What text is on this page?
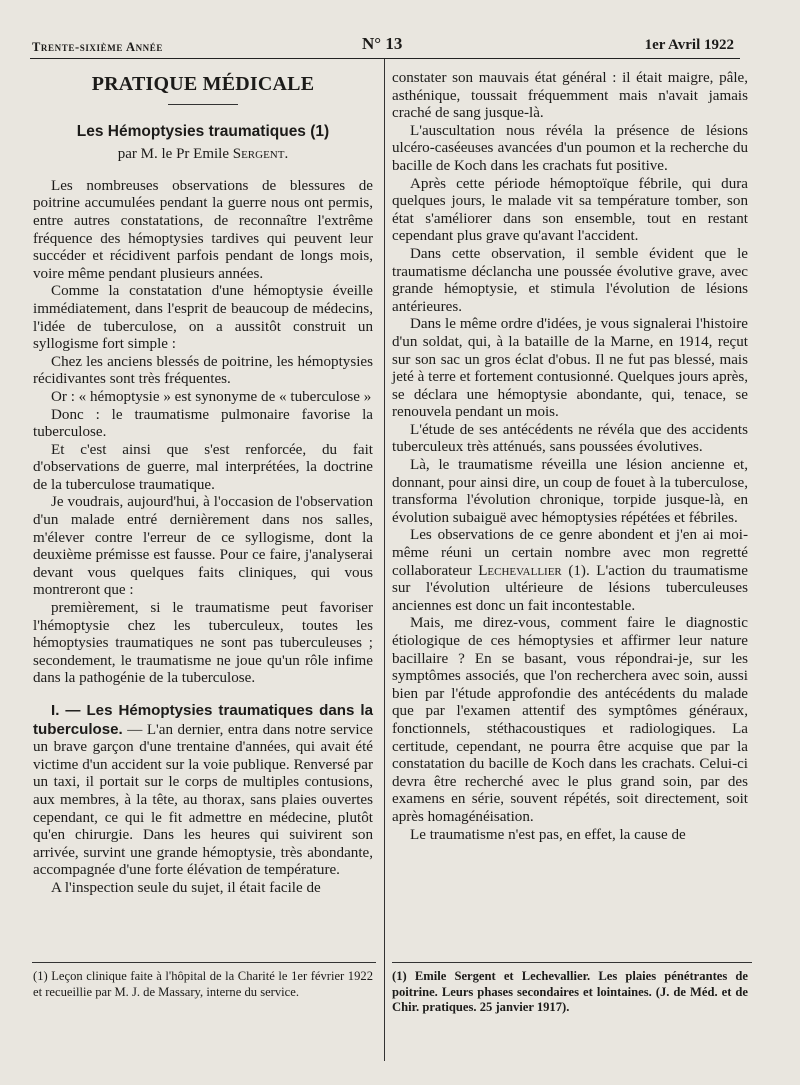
Trente-sixième Année	N° 13	1er Avril 1922
PRATIQUE MÉDICALE
Les Hémoptysies traumatiques (1)
par M. le Pr Emile Sergent.

Les nombreuses observations de blessures de poitrine accumulées pendant la guerre nous ont permis, entre autres constatations, de reconnaître l'extrême fréquence des hémoptysies tardives qui peuvent leur succéder et récidivent parfois pendant de longs mois, voire même pendant plusieurs années.

Comme la constatation d'une hémoptysie éveille immédiatement, dans l'esprit de beaucoup de médecins, l'idée de tuberculose, on a aussitôt construit un syllogisme fort simple :

Chez les anciens blessés de poitrine, les hémoptysies récidivantes sont très fréquentes.

Or : « hémoptysie » est synonyme de « tuberculose »

Donc : le traumatisme pulmonaire favorise la tuberculose.

Et c'est ainsi que s'est renforcée, du fait d'observations de guerre, mal interprétées, la doctrine de la tuberculose traumatique.

Je voudrais, aujourd'hui, à l'occasion de l'observation d'un malade entré dernièrement dans nos salles, m'élever contre l'erreur de ce syllogisme, dont la deuxième prémisse est fausse. Pour ce faire, j'analyserai devant vous quelques faits cliniques, qui vous montreront que :

premièrement, si le traumatisme peut favoriser l'hémoptysie chez les tuberculeux, toutes les hémoptysies traumatiques ne sont pas tuberculeuses ; secondement, le traumatisme ne joue qu'un rôle infime dans la pathogénie de la tuberculose.

I. — Les Hémoptysies traumatiques dans la tuberculose. — L'an dernier, entra dans notre service un brave garçon d'une trentaine d'années, qui avait été victime d'un accident sur la voie publique. Renversé par un taxi, il portait sur le corps de multiples contusions, aux membres, à la tête, au thorax, sans plaies ouvertes cependant, ce qui le fit admettre en médecine, plutôt qu'en chirurgie. Dans les heures qui suivirent son arrivée, survint une grande hémoptysie, très abondante, accompagnée d'une forte élévation de température.

A l'inspection seule du sujet, il était facile de

constater son mauvais état général : il était maigre, pâle, asthénique, toussait fréquemment mais n'avait jamais craché de sang jusque-là.

L'auscultation nous révéla la présence de lésions ulcéro-caséeuses avancées d'un poumon et la recherche du bacille de Koch dans les crachats fut positive.

Après cette période hémoptoïque fébrile, qui dura quelques jours, le malade vit sa température tomber, son état s'améliorer dans son ensemble, tout en restant cependant plus grave qu'avant l'accident.

Dans cette observation, il semble évident que le traumatisme déclancha une poussée évolutive grave, avec grande hémoptysie, et stimula l'évolution de lésions antérieures.

Dans le même ordre d'idées, je vous signalerai l'histoire d'un soldat, qui, à la bataille de la Marne, en 1914, reçut sur son sac un gros éclat d'obus. Il ne fut pas blessé, mais jeté à terre et fortement contusionné. Quelques jours après, se déclara une hémoptysie abondante, qui, tenace, se renouvela pendant un mois.

L'étude de ses antécédents ne révéla que des accidents tuberculeux très atténués, sans poussées évolutives.

Là, le traumatisme réveilla une lésion ancienne et, donnant, pour ainsi dire, un coup de fouet à la tuberculose, transforma l'évolution chronique, torpide jusque-là, en évolution subaiguë avec hémoptysies répétées et fébriles.

Les observations de ce genre abondent et j'en ai moi-même réuni un certain nombre avec mon regretté collaborateur Lechevallier (1). L'action du traumatisme sur l'évolution ultérieure de lésions tuberculeuses anciennes est donc un fait incontestable.

Mais, me direz-vous, comment faire le diagnostic étiologique de ces hémoptysies et affirmer leur nature bacillaire ? En se basant, vous répondrai-je, sur les symptômes associés, que l'on recherchera avec soin, aussi bien par l'étude approfondie des antécédents du malade que par l'examen attentif des symptômes généraux, fonctionnels, stéthacoustiques et radiologiques. La certitude, cependant, ne pourra être acquise que par la constatation du bacille de Koch dans les crachats. Celui-ci devra être recherché avec le plus grand soin, par des examens en série, souvent répétés, soit directement, soit après homagénéisation.

Le traumatisme n'est pas, en effet, la cause de

(1) Leçon clinique faite à l'hôpital de la Charité le 1er février 1922 et recueillie par M. J. de Massary, interne du service.

(1) Emile Sergent et Lechevallier. Les plaies pénétrantes de poitrine. Leurs phases secondaires et lointaines. (J. de Méd. et de Chir. pratiques. 25 janvier 1917).
